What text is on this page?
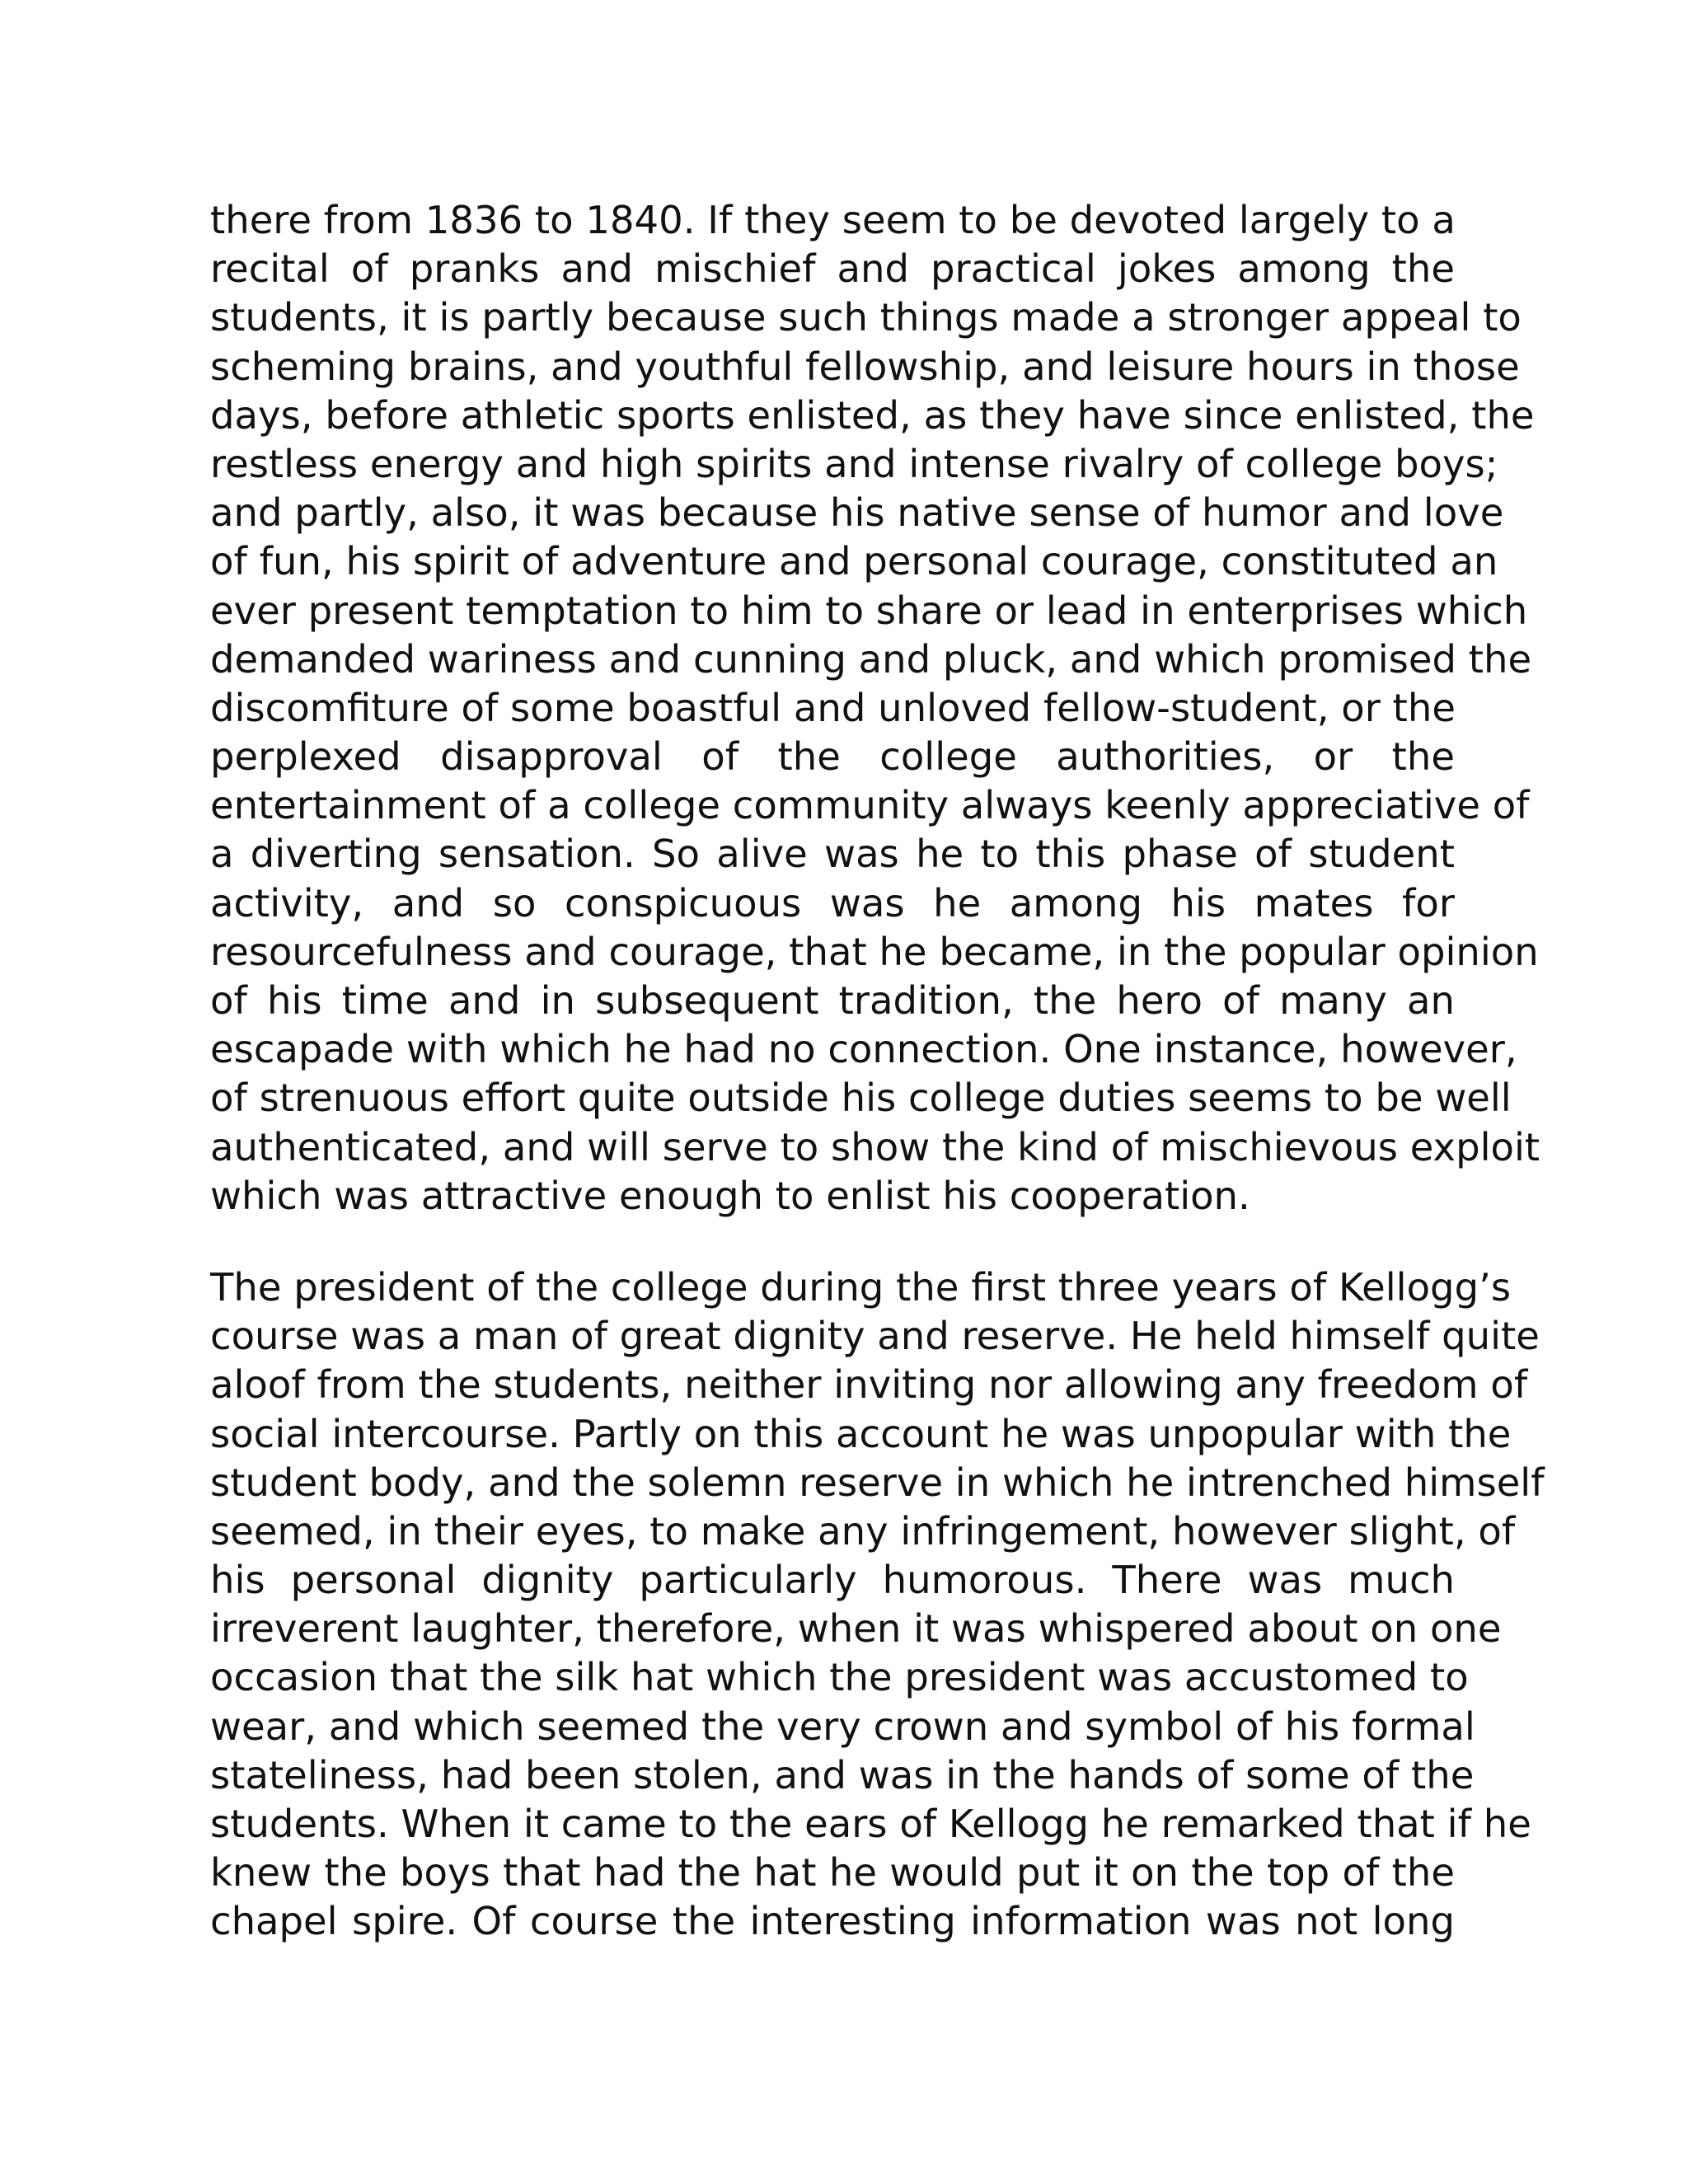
there from 1836 to 1840. If they seem to be devoted largely to a
recital of pranks and mischief and practical jokes among the
students, it is partly because such things made a stronger appeal to
scheming brains, and youthful fellowship, and leisure hours in those
days, before athletic sports enlisted, as they have since enlisted, the
restless energy and high spirits and intense rivalry of college boys;
and partly, also, it was because his native sense of humor and love
of fun, his spirit of adventure and personal courage, constituted an
ever present temptation to him to share or lead in enterprises which
demanded wariness and cunning and pluck, and which promised the
discomfiture of some boastful and unloved fellow-student, or the
perplexed disapproval of the college authorities, or the
entertainment of a college community always keenly appreciative of
a diverting sensation. So alive was he to this phase of student
activity, and so conspicuous was he among his mates for
resourcefulness and courage, that he became, in the popular opinion
of his time and in subsequent tradition, the hero of many an
escapade with which he had no connection. One instance, however,
of strenuous effort quite outside his college duties seems to be well
authenticated, and will serve to show the kind of mischievous exploit
which was attractive enough to enlist his cooperation.
The president of the college during the first three years of Kellogg’s
course was a man of great dignity and reserve. He held himself quite
aloof from the students, neither inviting nor allowing any freedom of
social intercourse. Partly on this account he was unpopular with the
student body, and the solemn reserve in which he intrenched himself
seemed, in their eyes, to make any infringement, however slight, of
his personal dignity particularly humorous. There was much
irreverent laughter, therefore, when it was whispered about on one
occasion that the silk hat which the president was accustomed to
wear, and which seemed the very crown and symbol of his formal
stateliness, had been stolen, and was in the hands of some of the
students. When it came to the ears of Kellogg he remarked that if he
knew the boys that had the hat he would put it on the top of the
chapel spire. Of course the interesting information was not long
